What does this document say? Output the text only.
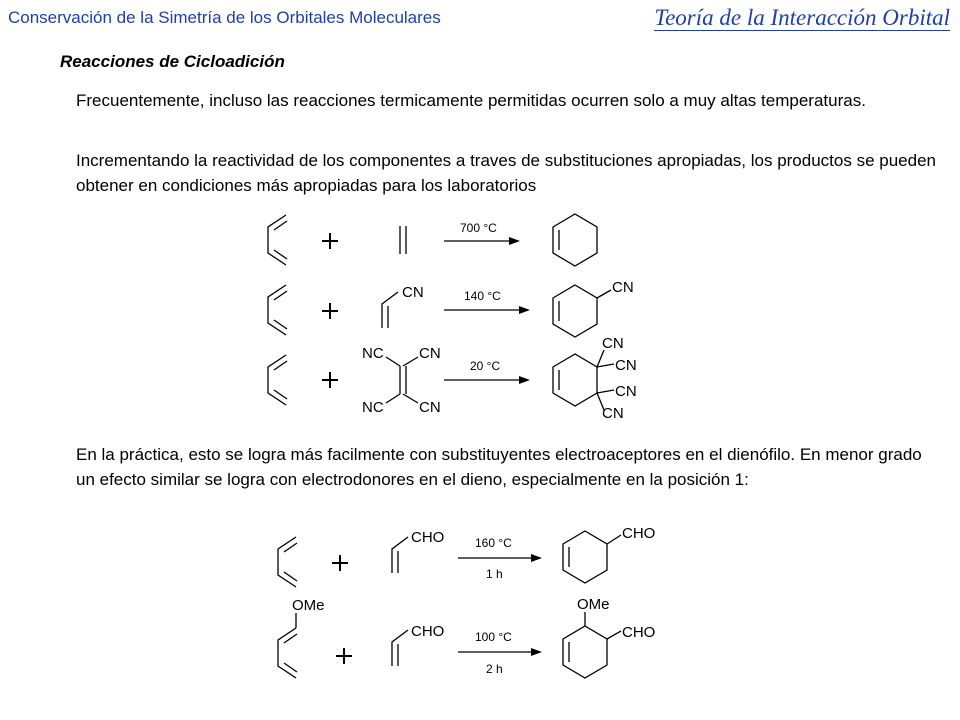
Conservación de la Simetría de los Orbitales Moleculares	Teoría de la Interacción Orbital
Reacciones de Cicloadición
Frecuentemente, incluso las reacciones termicamente permitidas ocurren solo a muy altas temperaturas.
Incrementando la reactividad de los componentes a traves de substituciones apropiadas, los productos se pueden obtener en condiciones más apropiadas para los laboratorios
En la práctica, esto se logra más facilmente con substituyentes electroaceptores en el dienófilo. En menor grado un efecto similar se logra con electrodonores en el dieno, especialmente en la posición 1:
700 °C
CN	140 °C	CN
NC CN
NC CN
20 °C
CN
CN
CN
CN
CHO	160 °C
1 h
CHO
OMe
CHO	100 °C
2 h
OMe
CHO
